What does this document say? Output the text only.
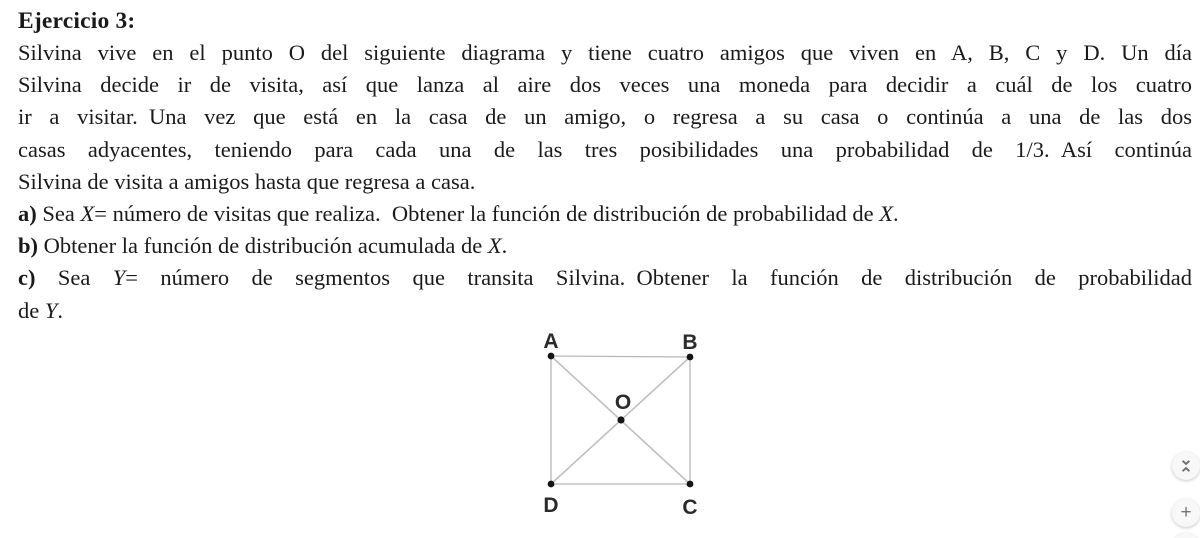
Ejercicio 3:
Silvina vive en el punto O del siguiente diagrama y tiene cuatro amigos que viven en A, B, C y D. Un día
Silvina decide ir de visita, así que lanza al aire dos veces una moneda para decidir a cuál de los cuatro
ir a visitar. Una vez que está en la casa de un amigo, o regresa a su casa o continúa a una de las dos
casas adyacentes, teniendo para cada una de las tres posibilidades una probabilidad de 1/3. Así continúa
Silvina de visita a amigos hasta que regresa a casa.
a) Sea X= número de visitas que realiza. Obtener la función de distribución de probabilidad de X.
b) Obtener la función de distribución acumulada de X.
c) Sea Y= número de segmentos que transita Silvina. Obtener la función de distribución de probabilidad
de Y.
A	B
D	C
O
+
